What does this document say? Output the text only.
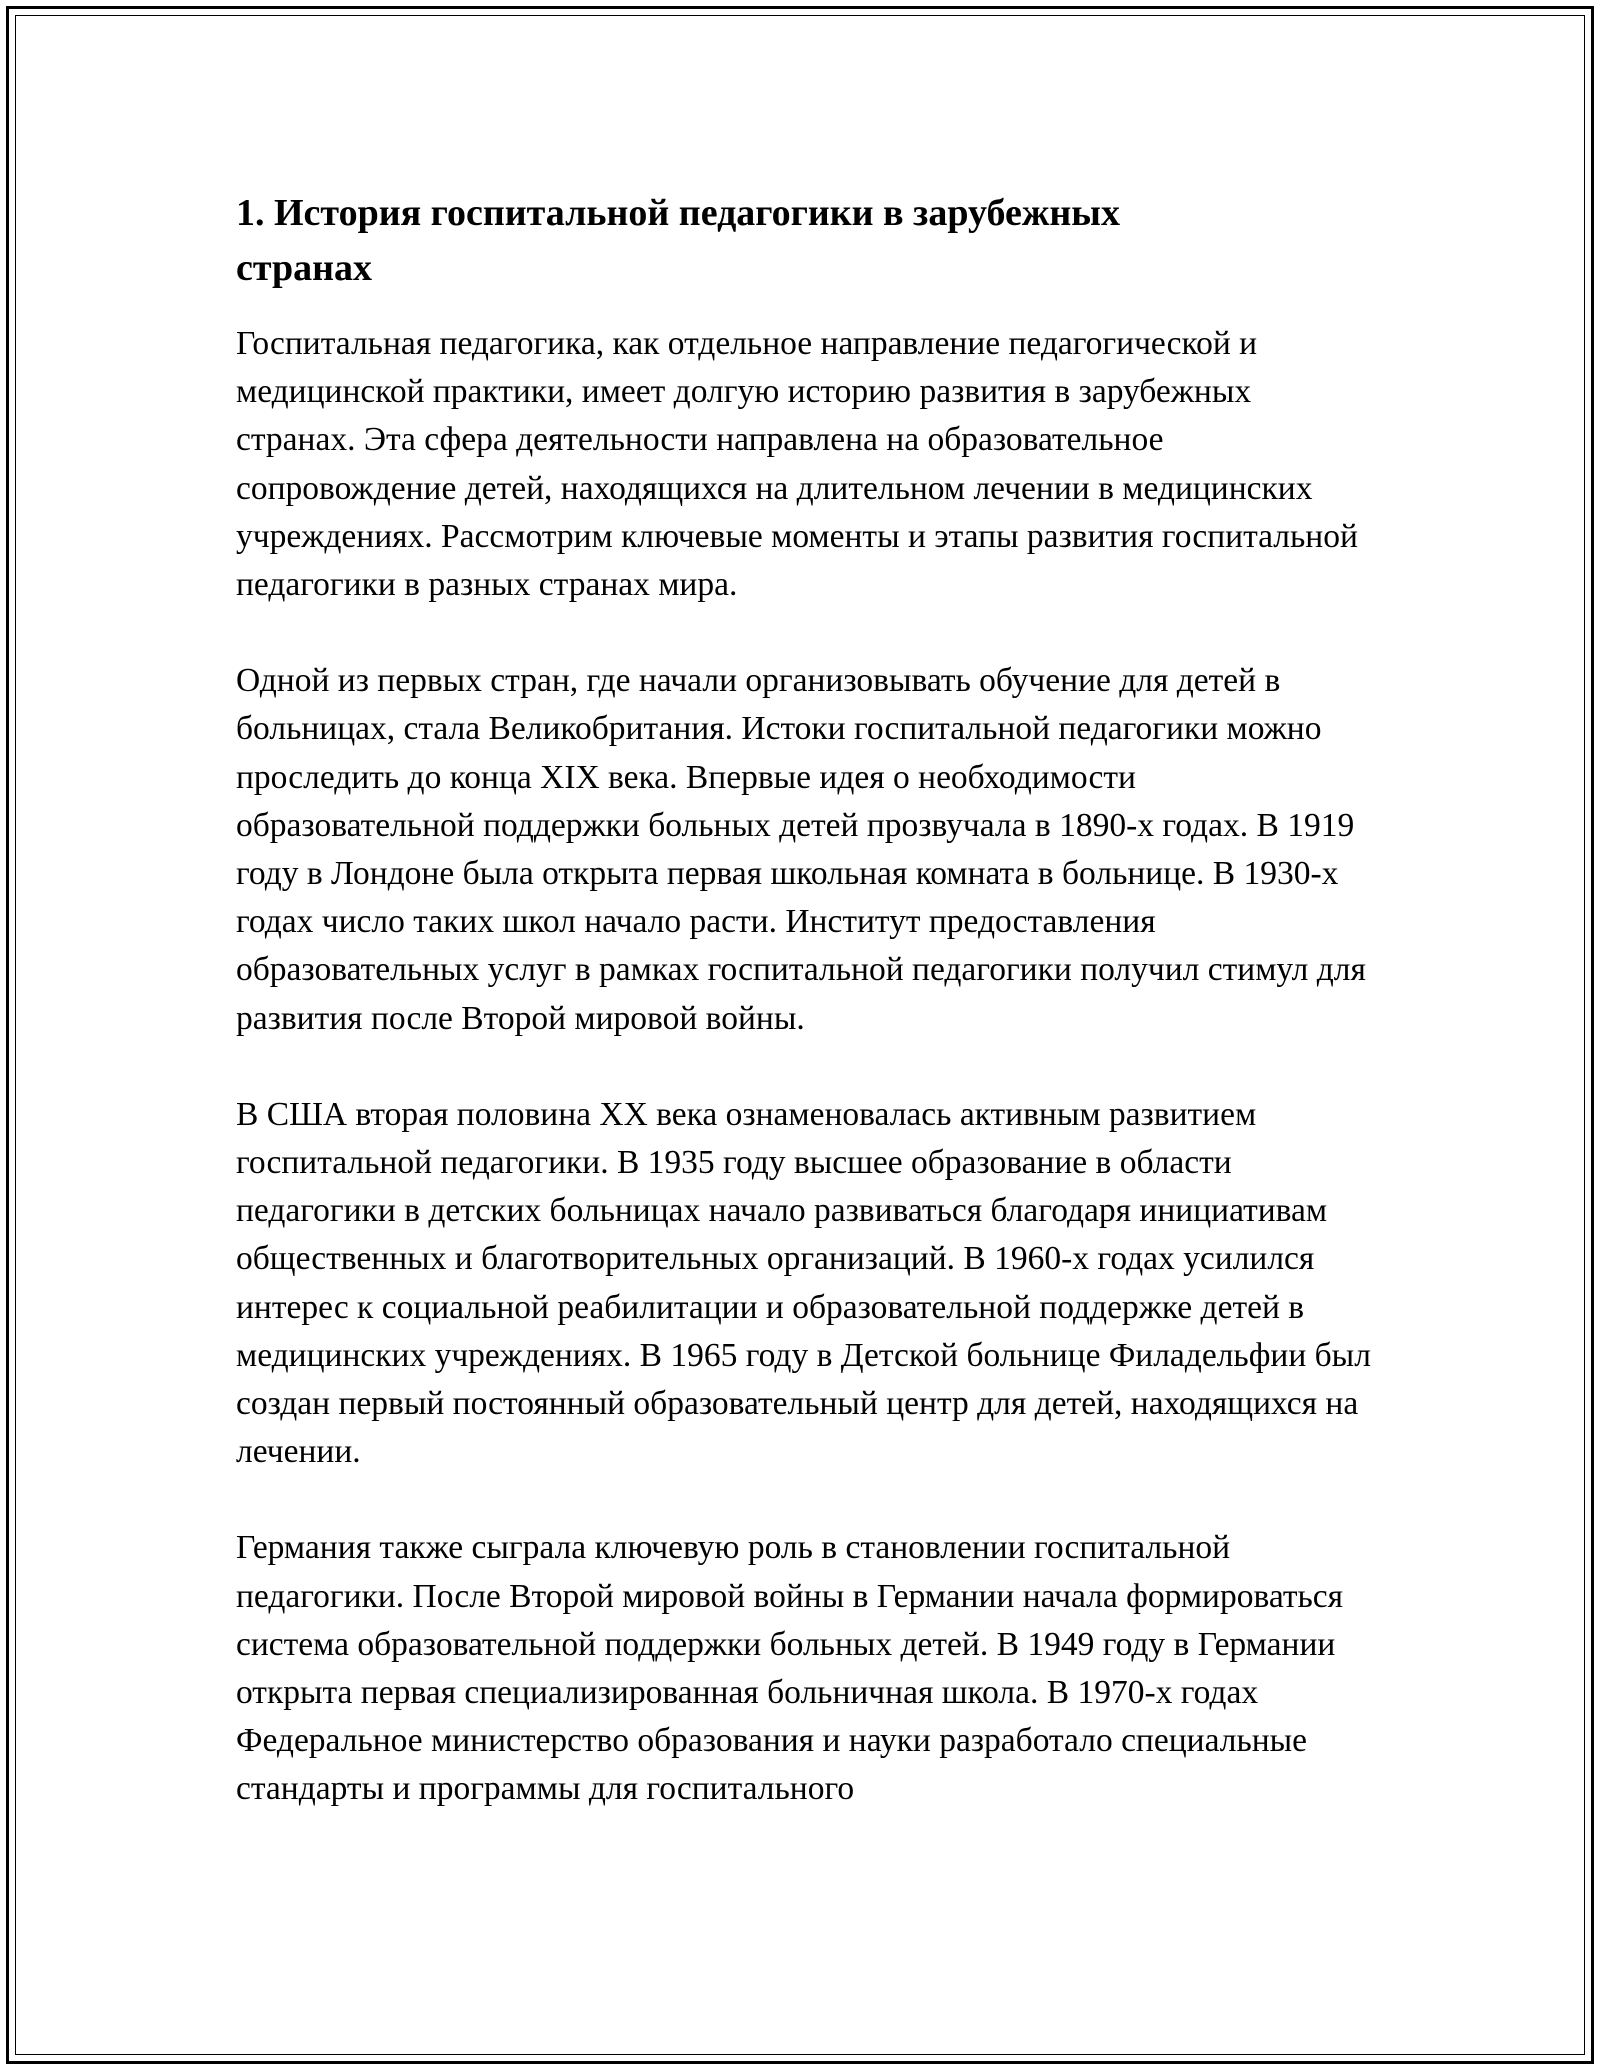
1. История госпитальной педагогики в зарубежных странах

Госпитальная педагогика, как отдельное направление педагогической и медицинской практики, имеет долгую историю развития в зарубежных странах. Эта сфера деятельности направлена на образовательное сопровождение детей, находящихся на длительном лечении в медицинских учреждениях. Рассмотрим ключевые моменты и этапы развития госпитальной педагогики в разных странах мира.

Одной из первых стран, где начали организовывать обучение для детей в больницах, стала Великобритания. Истоки госпитальной педагогики можно проследить до конца XIX века. Впервые идея о необходимости образовательной поддержки больных детей прозвучала в 1890-х годах. В 1919 году в Лондоне была открыта первая школьная комната в больнице. В 1930-х годах число таких школ начало расти. Институт предоставления образовательных услуг в рамках госпитальной педагогики получил стимул для развития после Второй мировой войны.

В США вторая половина XX века ознаменовалась активным развитием госпитальной педагогики. В 1935 году высшее образование в области педагогики в детских больницах начало развиваться благодаря инициативам общественных и благотворительных организаций. В 1960-х годах усилился интерес к социальной реабилитации и образовательной поддержке детей в медицинских учреждениях. В 1965 году в Детской больнице Филадельфии был создан первый постоянный образовательный центр для детей, находящихся на лечении.

Германия также сыграла ключевую роль в становлении госпитальной педагогики. После Второй мировой войны в Германии начала формироваться система образовательной поддержки больных детей. В 1949 году в Германии открыта первая специализированная больничная школа. В 1970-х годах Федеральное министерство образования и науки разработало специальные стандарты и программы для госпитального
